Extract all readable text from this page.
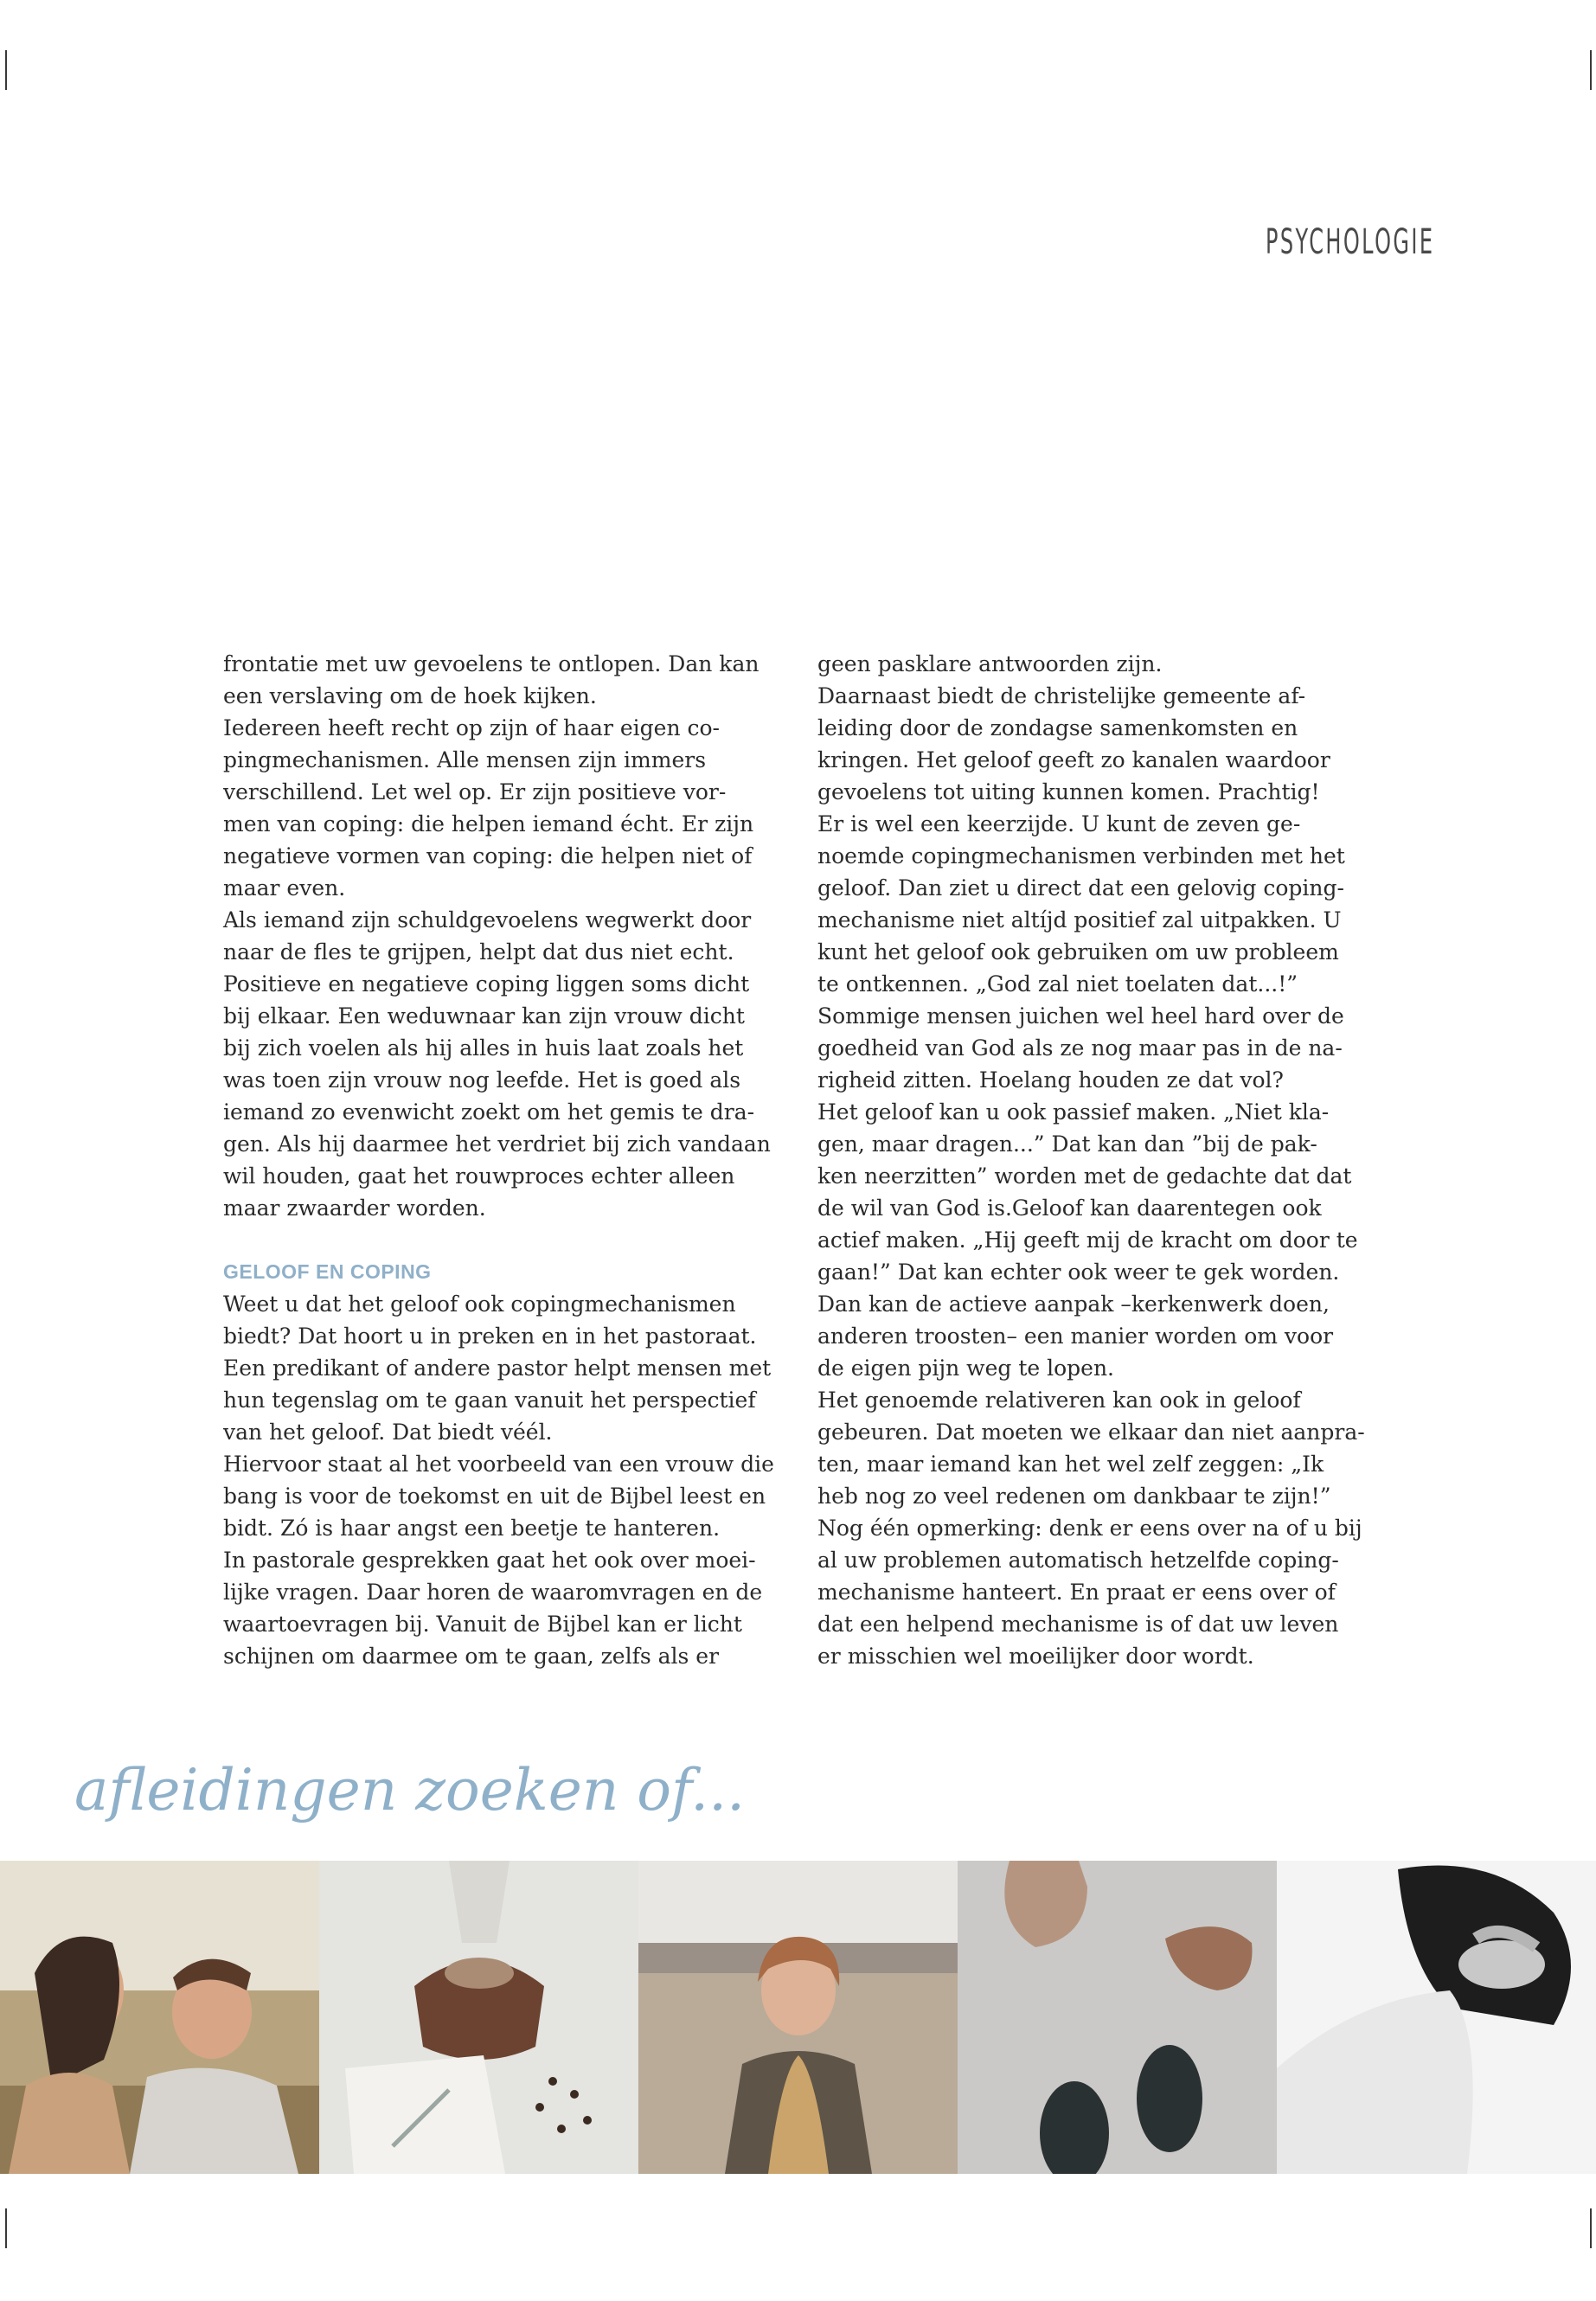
PSYCHOLOGIE

frontatie met uw gevoelens te ontlopen. Dan kan

een verslaving om de hoek kijken.

Iedereen heeft recht op zijn of haar eigen co-

pingmechanismen. Alle mensen zijn immers

verschillend. Let wel op. Er zijn positieve vor-

men van coping: die helpen iemand écht. Er zijn

negatieve vormen van coping: die helpen niet of

maar even.

Als iemand zijn schuldgevoelens wegwerkt door

naar de fles te grijpen, helpt dat dus niet echt.

Positieve en negatieve coping liggen soms dicht

bij elkaar. Een weduwnaar kan zijn vrouw dicht

bij zich voelen als hij alles in huis laat zoals het

was toen zijn vrouw nog leefde. Het is goed als

iemand zo evenwicht zoekt om het gemis te dra-

gen. Als hij daarmee het verdriet bij zich vandaan

wil houden, gaat het rouwproces echter alleen

maar zwaarder worden.

GELOOF EN COPING

Weet u dat het geloof ook copingmechanismen

biedt? Dat hoort u in preken en in het pastoraat.

Een predikant of andere pastor helpt mensen met

hun tegenslag om te gaan vanuit het perspectief

van het geloof. Dat biedt véél.

Hiervoor staat al het voorbeeld van een vrouw die

bang is voor de toekomst en uit de Bijbel leest en

bidt. Zó is haar angst een beetje te hanteren.

In pastorale gesprekken gaat het ook over moei-

lijke vragen. Daar horen de waaromvragen en de

waartoevragen bij. Vanuit de Bijbel kan er licht

schijnen om daarmee om te gaan, zelfs als er

geen pasklare antwoorden zijn.

Daarnaast biedt de christelijke gemeente af-

leiding door de zondagse samenkomsten en

kringen. Het geloof geeft zo kanalen waardoor

gevoelens tot uiting kunnen komen. Prachtig!

Er is wel een keerzijde. U kunt de zeven ge-

noemde copingmechanismen verbinden met het

geloof. Dan ziet u direct dat een gelovig coping-

mechanisme niet altíjd positief zal uitpakken. U

kunt het geloof ook gebruiken om uw probleem

te ontkennen. „God zal niet toelaten dat...!”

Sommige mensen juichen wel heel hard over de

goedheid van God als ze nog maar pas in de na-

righeid zitten. Hoelang houden ze dat vol?

Het geloof kan u ook passief maken. „Niet kla-

gen, maar dragen...” Dat kan dan ”bij de pak-

ken neerzitten” worden met de gedachte dat dat

de wil van God is.Geloof kan daarentegen ook

actief maken. „Hij geeft mij de kracht om door te

gaan!” Dat kan echter ook weer te gek worden.

Dan kan de actieve aanpak –kerkenwerk doen,

anderen troosten– een manier worden om voor

de eigen pijn weg te lopen.

Het genoemde relativeren kan ook in geloof

gebeuren. Dat moeten we elkaar dan niet aanpra-

ten, maar iemand kan het wel zelf zeggen: „Ik

heb nog zo veel redenen om dankbaar te zijn!”

Nog één opmerking: denk er eens over na of u bij

al uw problemen automatisch hetzelfde coping-

mechanisme hanteert. En praat er eens over of

dat een helpend mechanisme is of dat uw leven

er misschien wel moeilijker door wordt.

afleidingen zoeken of...
